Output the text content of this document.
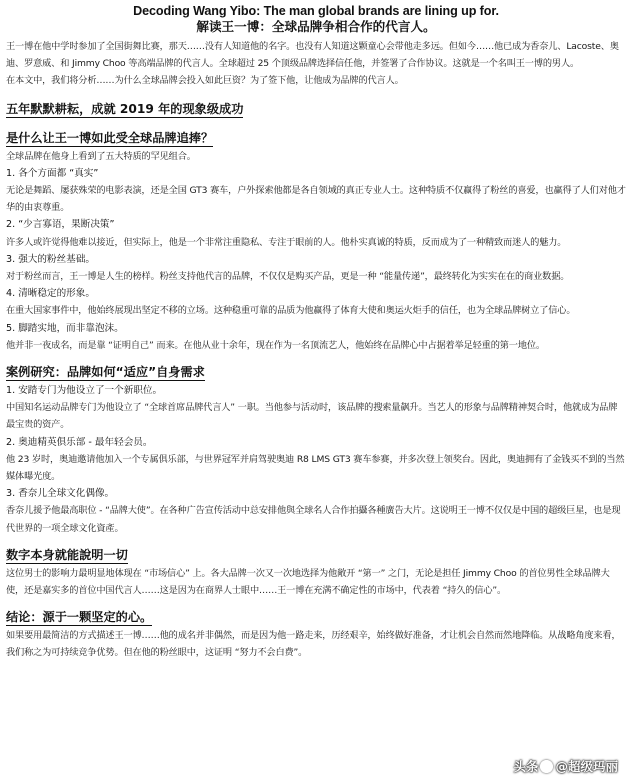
Decoding Wang Yibo: The man global brands are lining up for.
解读王一博：全球品牌争相合作的代言人。

王一博在他中学时参加了全国街舞比赛，那天……没有人知道他的名字。也没有人知道这颗童心会带他走多远。但如今……他已成为香奈儿、Lacoste、奥迪、罗意威、和 Jimmy Choo 等高端品牌的代言人。全球超过 25 个顶级品牌选择信任他，并签署了合作协议。这就是一个名叫王一博的男人。

在本文中，我们将分析……为什么全球品牌会投入如此巨资？为了签下他，让他成为品牌的代言人。

五年默默耕耘，成就 2019 年的现象级成功
是什么让王一博如此受全球品牌追捧？

全球品牌在他身上看到了五大特质的罕见组合。

1. 各个方面都 “真实”

无论是舞蹈、屡获殊荣的电影表演，还是全国 GT3 赛车，户外探索他都是各自领域的真正专业人士。这种特质不仅赢得了粉丝的喜爱，也赢得了人们对他才华的由衷尊重。

2. “少言寡语，果断决策”

许多人或许觉得他难以接近，但实际上，他是一个非常注重隐私、专注于眼前的人。他朴实真诚的特质，反而成为了一种精致而迷人的魅力。

3. 强大的粉丝基础。

对于粉丝而言，王一博是人生的榜样。粉丝支持他代言的品牌，不仅仅是购买产品，更是一种 “能量传递”，最终转化为实实在在的商业数据。

4. 清晰稳定的形象。

在重大国家事件中，他始终展现出坚定不移的立场。这种稳重可靠的品质为他赢得了体育大使和奥运火炬手的信任，也为全球品牌树立了信心。

5. 脚踏实地，而非靠泡沫。

他并非一夜成名，而是靠 “证明自己” 而来。在他从业十余年，现在作为一名顶流艺人，他始终在品牌心中占据着举足轻重的第一地位。

案例研究：品牌如何“适应”自身需求
1. 安踏专门为他设立了一个新职位。

中国知名运动品牌专门为他设立了 “全球首席品牌代言人” 一职。当他参与活动时，该品牌的搜索量飙升。当艺人的形象与品牌精神契合时，他就成为品牌最宝贵的资产。

2. 奥迪精英俱乐部 - 最年轻会员。

他 23 岁时，奥迪邀请他加入一个专属俱乐部，与世界冠军并肩驾驶奥迪 R8 LMS GT3 赛车参赛，并多次登上领奖台。因此，奥迪拥有了金钱买不到的当然媒体曝光度。

3. 香奈儿全球文化偶像。

香奈儿援予他最高职位 - “品牌大使”。在各种广告宣传活动中总安排他與全球名人合作拍攝各種廣告大片。这说明王一博不仅仅是中国的超级巨星，也是现代世界的一项全球文化資產。

数字本身就能說明一切

这位男士的影响力最明显地体现在 “市场信心” 上。各大品牌一次又一次地选择为他敞开 “第一” 之门，无论是担任 Jimmy Choo 的首位男性全球品牌大使，还是嘉实多的首位中国代言人……这是因为在商界人士眼中……王一博在充满不确定性的市场中，代表着 “持久的信心”。

结论：源于一颗坚定的心。

如果要用最简洁的方式描述王一博……他的成名并非偶然，而是因为他一路走来，历经艰辛，始终做好准备，才让机会自然而然地降临。从战略角度来看，我们称之为可持续竞争优势。但在他的粉丝眼中，这证明 “努力不会白费”。

头条 @超级玛丽
